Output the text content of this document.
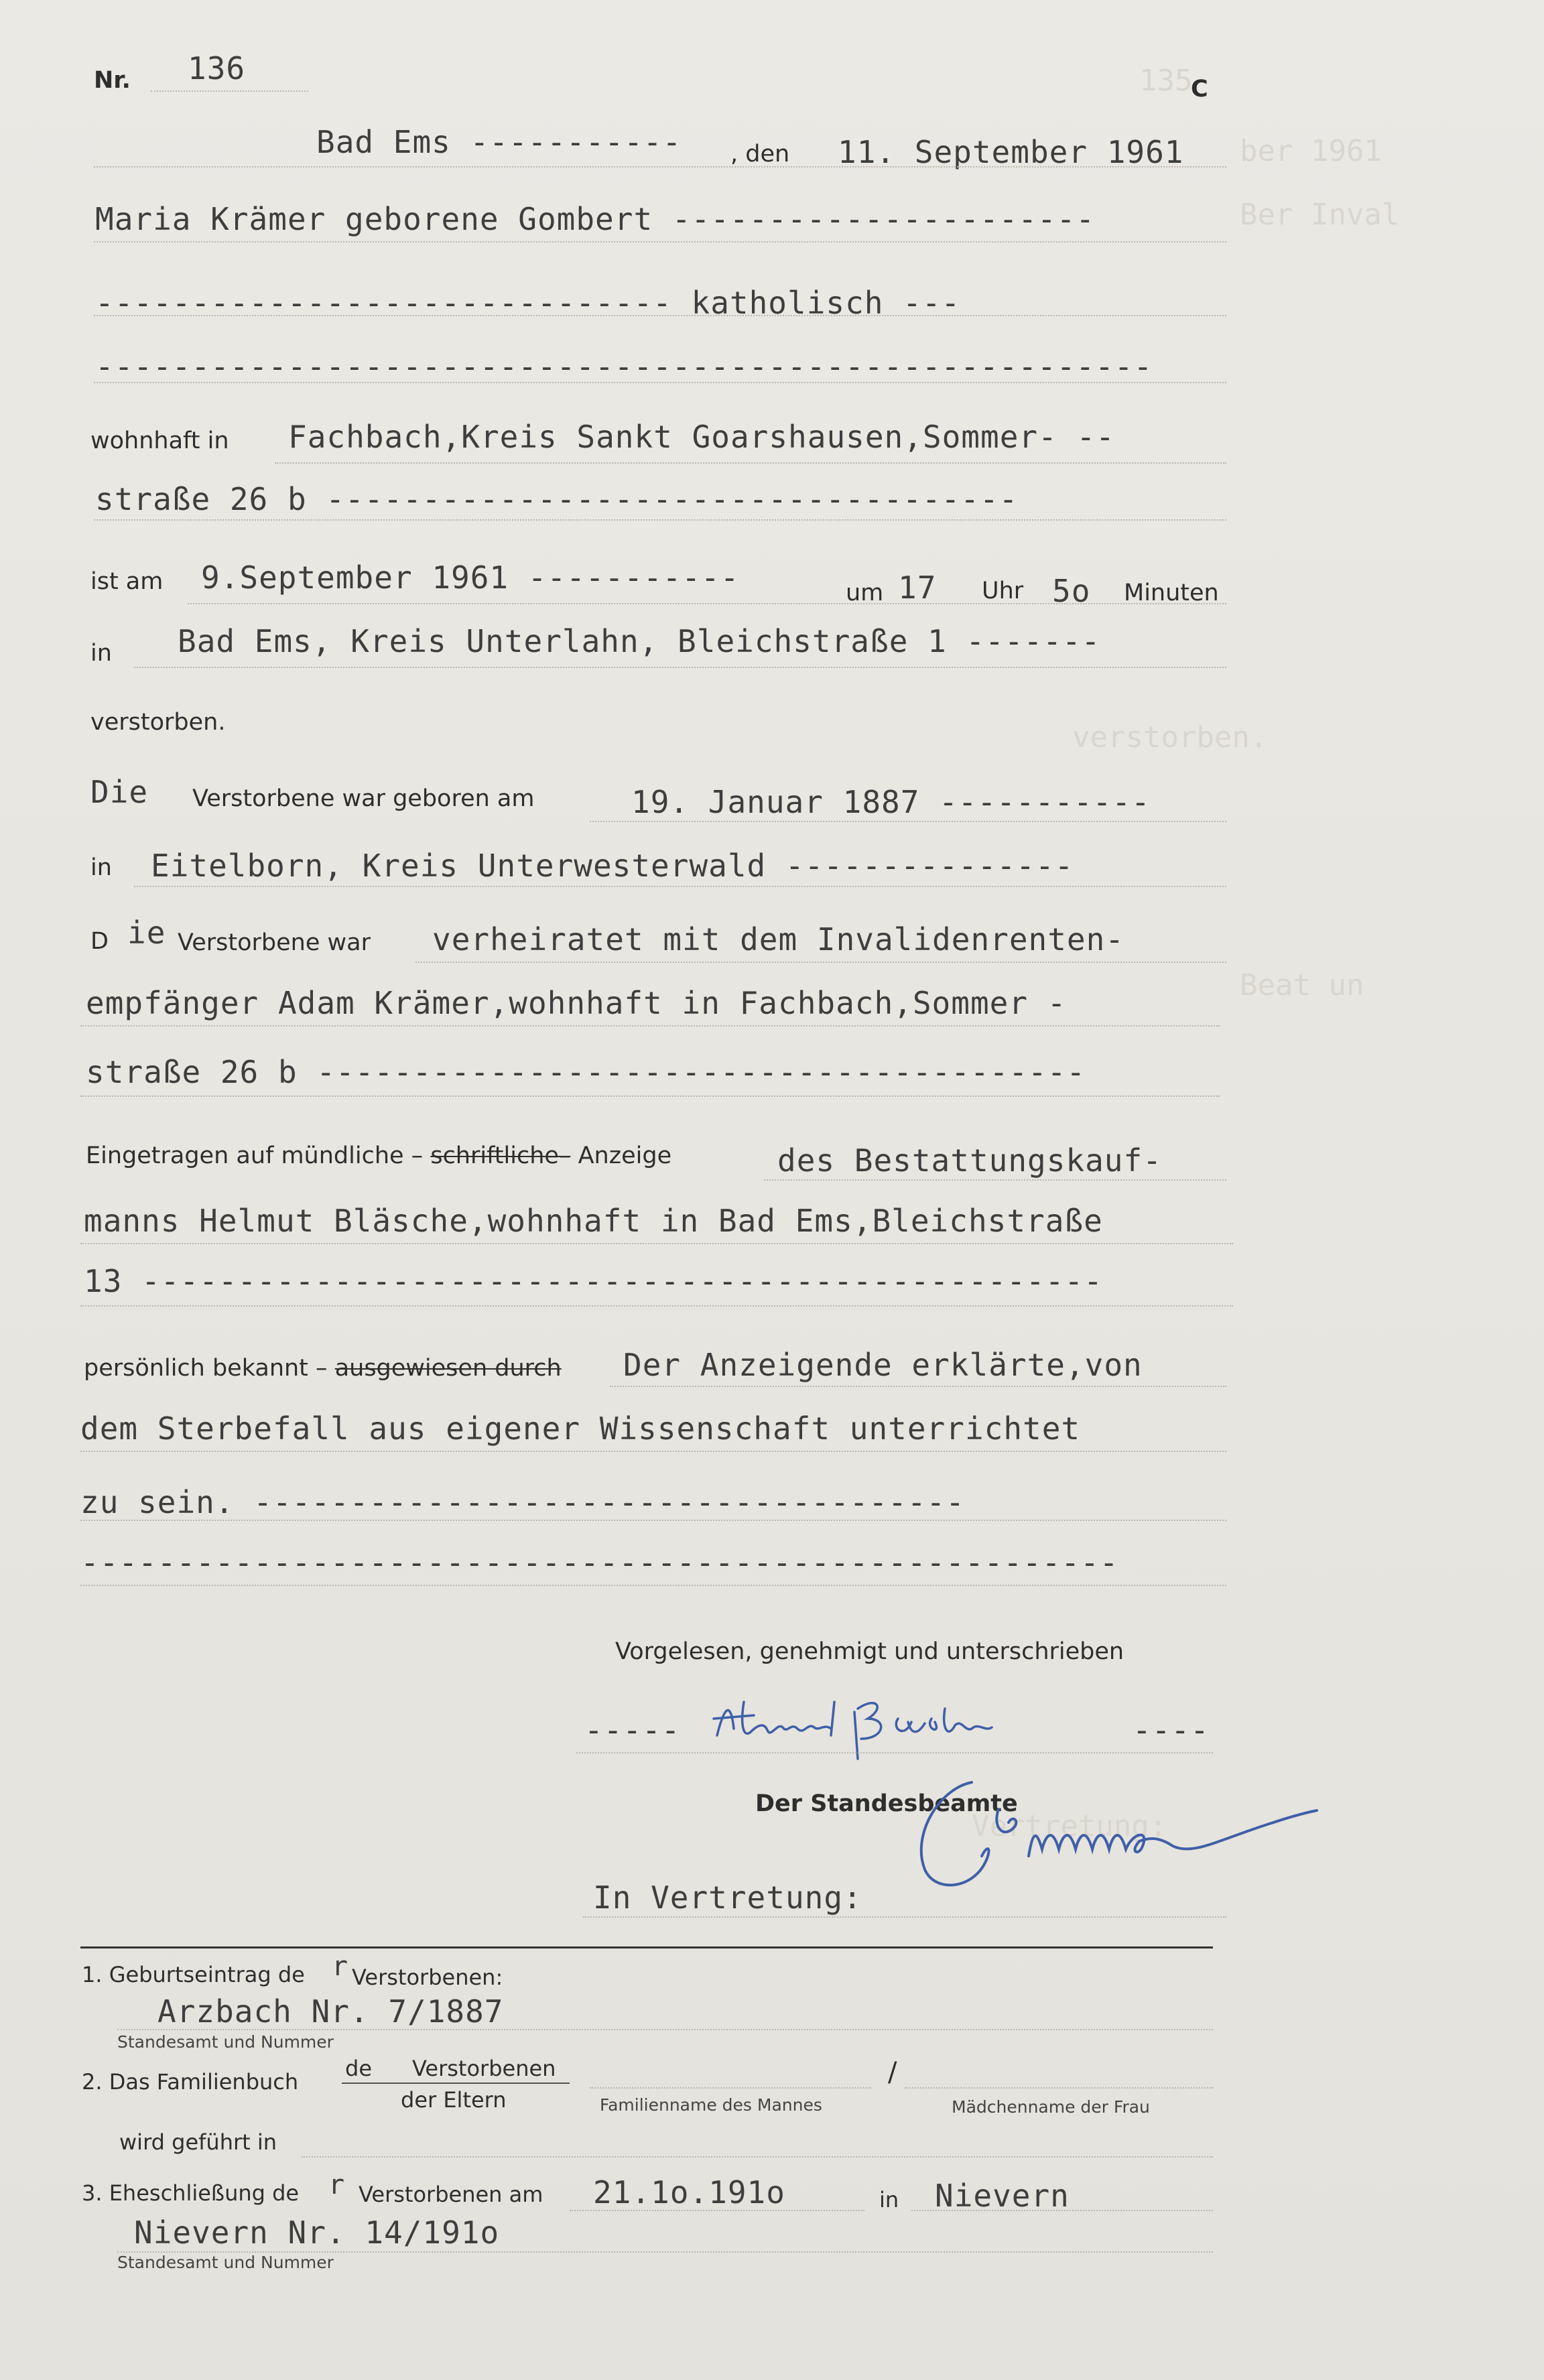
135
ber 1961
Ber Inval
verstorben.
Beat un
Vertretung:
Nr. 136
C
Bad Ems ----------- , den 11. September 1961
Maria Krämer geborene Gombert ----------------------
------------------------------ katholisch ---
-------------------------------------------------------
wohnhaft in Fachbach,Kreis Sankt Goarshausen,Sommer- --
straße 26 b ------------------------------------
ist am 9.September 1961 -----------	um 17 Uhr 5o Minuten
in Bad Ems, Kreis Unterlahn, Bleichstraße 1 -------
verstorben.
Die Verstorbene war geboren am	19. Januar 1887 -----------
in Eitelborn, Kreis Unterwesterwald ---------------
D ie Verstorbene war verheiratet mit dem Invalidenrenten-
empfänger Adam Krämer,wohnhaft in Fachbach,Sommer -
straße 26 b ----------------------------------------
Eingetragen auf mündliche – schriftliche– Anzeige	des Bestattungskauf-
manns Helmut Bläsche,wohnhaft in Bad Ems,Bleichstraße
13 --------------------------------------------------
persönlich bekannt – ausgewiesen durch Der Anzeigende erklärte,von
dem Sterbefall aus eigener Wissenschaft unterrichtet
zu sein. -------------------------------------
------------------------------------------------------
Vorgelesen, genehmigt und unterschrieben
-----	----
Der Standesbeamte
In Vertretung:
1. Geburtseintrag de r Verstorbenen:
Arzbach Nr. 7/1887
Standesamt und Nummer
2. Das Familienbuch
de Verstorbenen
der Eltern	Familienname des Mannes
/
Mädchenname der Frau
wird geführt in
3. Eheschließung de r Verstorbenen am 21.1o.191o	in Nievern
Nievern Nr. 14/191o
Standesamt und Nummer
